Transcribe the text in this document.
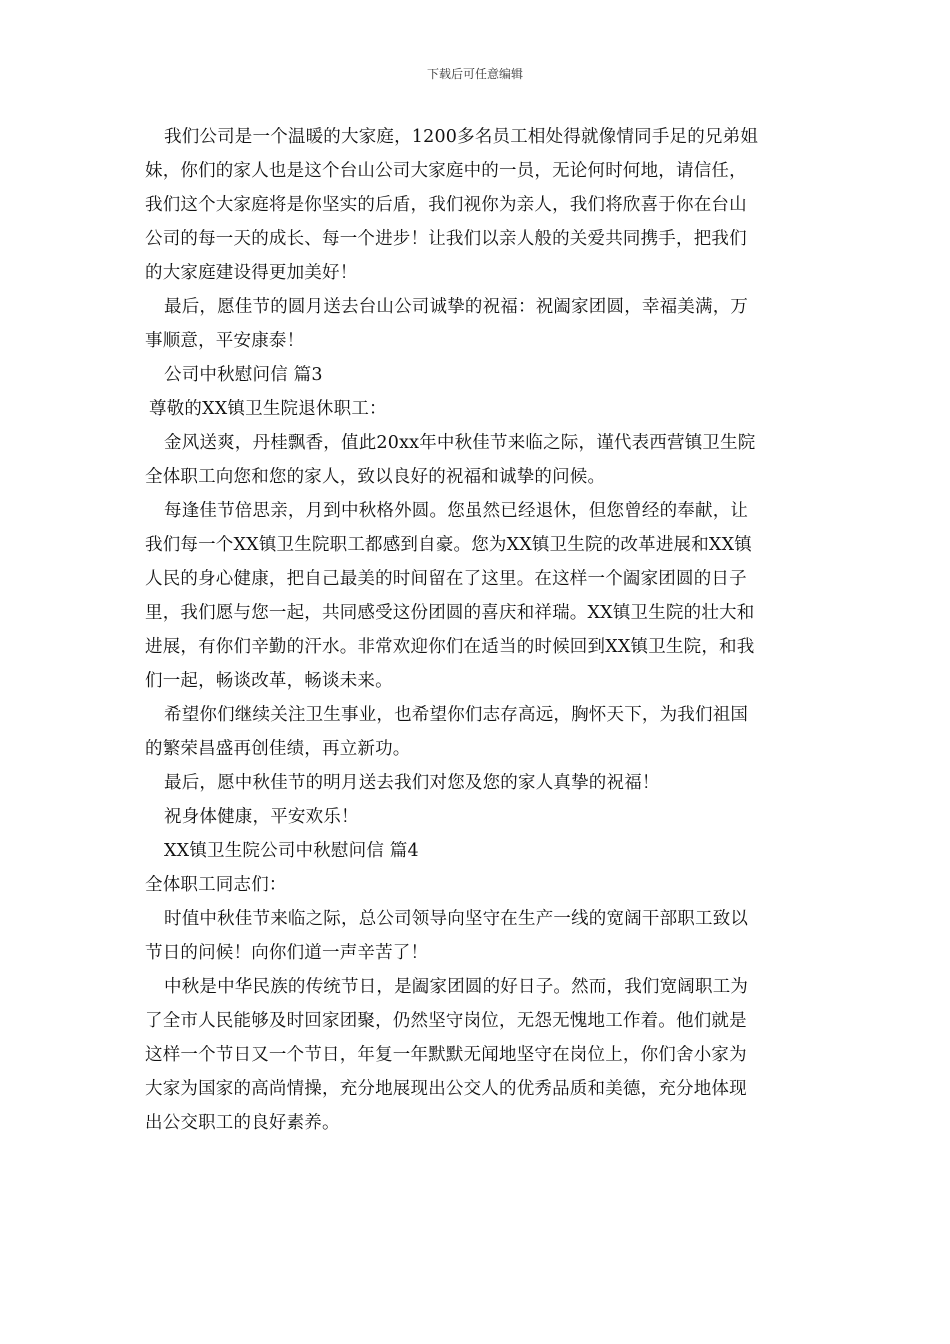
下载后可任意编辑
我们公司是一个温暖的大家庭，1200多名员工相处得就像情同手足的兄弟姐
妹，你们的家人也是这个台山公司大家庭中的一员，无论何时何地，请信任，
我们这个大家庭将是你坚实的后盾，我们视你为亲人，我们将欣喜于你在台山
公司的每一天的成长、每一个进步！让我们以亲人般的关爱共同携手，把我们
的大家庭建设得更加美好！
最后，愿佳节的圆月送去台山公司诚挚的祝福：祝阖家团圆，幸福美满，万
事顺意，平安康泰！
公司中秋慰问信 篇3
尊敬的XX镇卫生院退休职工：
金风送爽，丹桂飘香，值此20xx年中秋佳节来临之际，谨代表西营镇卫生院
全体职工向您和您的家人，致以良好的祝福和诚挚的问候。
每逢佳节倍思亲，月到中秋格外圆。您虽然已经退休，但您曾经的奉献，让
我们每一个XX镇卫生院职工都感到自豪。您为XX镇卫生院的改革进展和XX镇
人民的身心健康，把自己最美的时间留在了这里。在这样一个阖家团圆的日子
里，我们愿与您一起，共同感受这份团圆的喜庆和祥瑞。XX镇卫生院的壮大和
进展，有你们辛勤的汗水。非常欢迎你们在适当的时候回到XX镇卫生院，和我
们一起，畅谈改革，畅谈未来。
希望你们继续关注卫生事业，也希望你们志存高远，胸怀天下，为我们祖国
的繁荣昌盛再创佳绩，再立新功。
最后，愿中秋佳节的明月送去我们对您及您的家人真挚的祝福！
祝身体健康，平安欢乐！
XX镇卫生院公司中秋慰问信 篇4
全体职工同志们：
时值中秋佳节来临之际，总公司领导向坚守在生产一线的宽阔干部职工致以
节日的问候！向你们道一声辛苦了！
中秋是中华民族的传统节日，是阖家团圆的好日子。然而，我们宽阔职工为
了全市人民能够及时回家团聚，仍然坚守岗位，无怨无愧地工作着。他们就是
这样一个节日又一个节日，年复一年默默无闻地坚守在岗位上，你们舍小家为
大家为国家的高尚情操，充分地展现出公交人的优秀品质和美德，充分地体现
出公交职工的良好素养。
